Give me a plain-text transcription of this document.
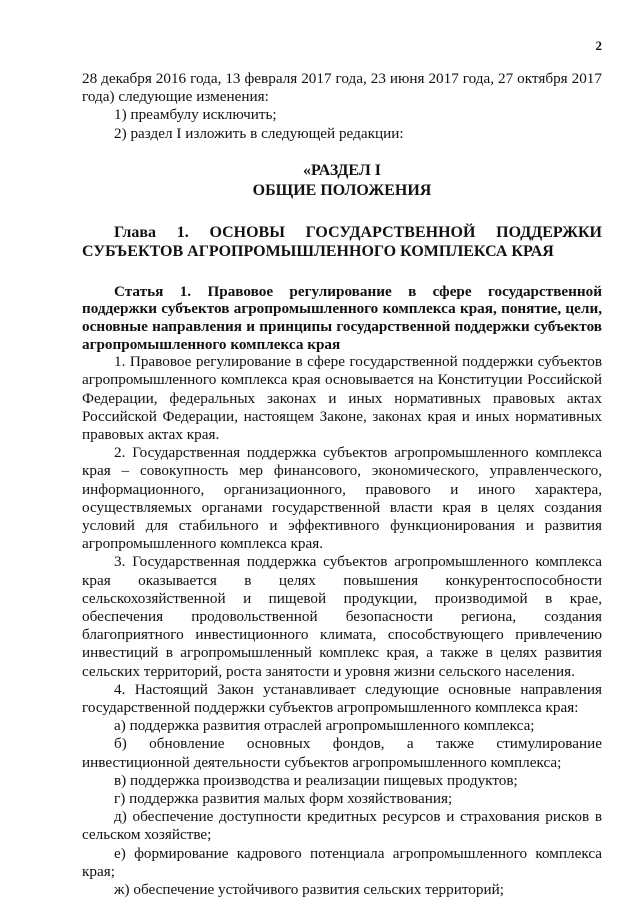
2

28 декабря 2016 года, 13 февраля 2017 года, 23 июня 2017 года, 27 октября 2017 года) следующие изменения:

1) преамбулу исключить;

2) раздел I изложить в следующей редакции:

«РАЗДЕЛ I

ОБЩИЕ ПОЛОЖЕНИЯ

Глава 1. ОСНОВЫ ГОСУДАРСТВЕННОЙ ПОДДЕРЖКИ СУБЪЕКТОВ АГРОПРОМЫШЛЕННОГО КОМПЛЕКСА КРАЯ

Статья 1. Правовое регулирование в сфере государственной поддержки субъектов агропромышленного комплекса края, понятие, цели, основные направления и принципы государственной поддержки субъектов агропромышленного комплекса края

1. Правовое регулирование в сфере государственной поддержки субъектов агропромышленного комплекса края основывается на Конституции Российской Федерации, федеральных законах и иных нормативных правовых актах Российской Федерации, настоящем Законе, законах края и иных нормативных правовых актах края.

2. Государственная поддержка субъектов агропромышленного комплекса края – совокупность мер финансового, экономического, управленческого, информационного, организационного, правового и иного характера, осуществляемых органами государственной власти края в целях создания условий для стабильного и эффективного функционирования и развития агропромышленного комплекса края.

3. Государственная поддержка субъектов агропромышленного комплекса края оказывается в целях повышения конкурентоспособности сельскохозяйственной и пищевой продукции, производимой в крае, обеспечения продовольственной безопасности региона, создания благоприятного инвестиционного климата, способствующего привлечению инвестиций в агропромышленный комплекс края, а также в целях развития сельских территорий, роста занятости и уровня жизни сельского населения.

4. Настоящий Закон устанавливает следующие основные направления государственной поддержки субъектов агропромышленного комплекса края:

а) поддержка развития отраслей агропромышленного комплекса;

б) обновление основных фондов, а также стимулирование инвестиционной деятельности субъектов агропромышленного комплекса;

в) поддержка производства и реализации пищевых продуктов;

г) поддержка развития малых форм хозяйствования;

д) обеспечение доступности кредитных ресурсов и страхования рисков в сельском хозяйстве;

е) формирование кадрового потенциала агропромышленного комплекса края;

ж) обеспечение устойчивого развития сельских территорий;
